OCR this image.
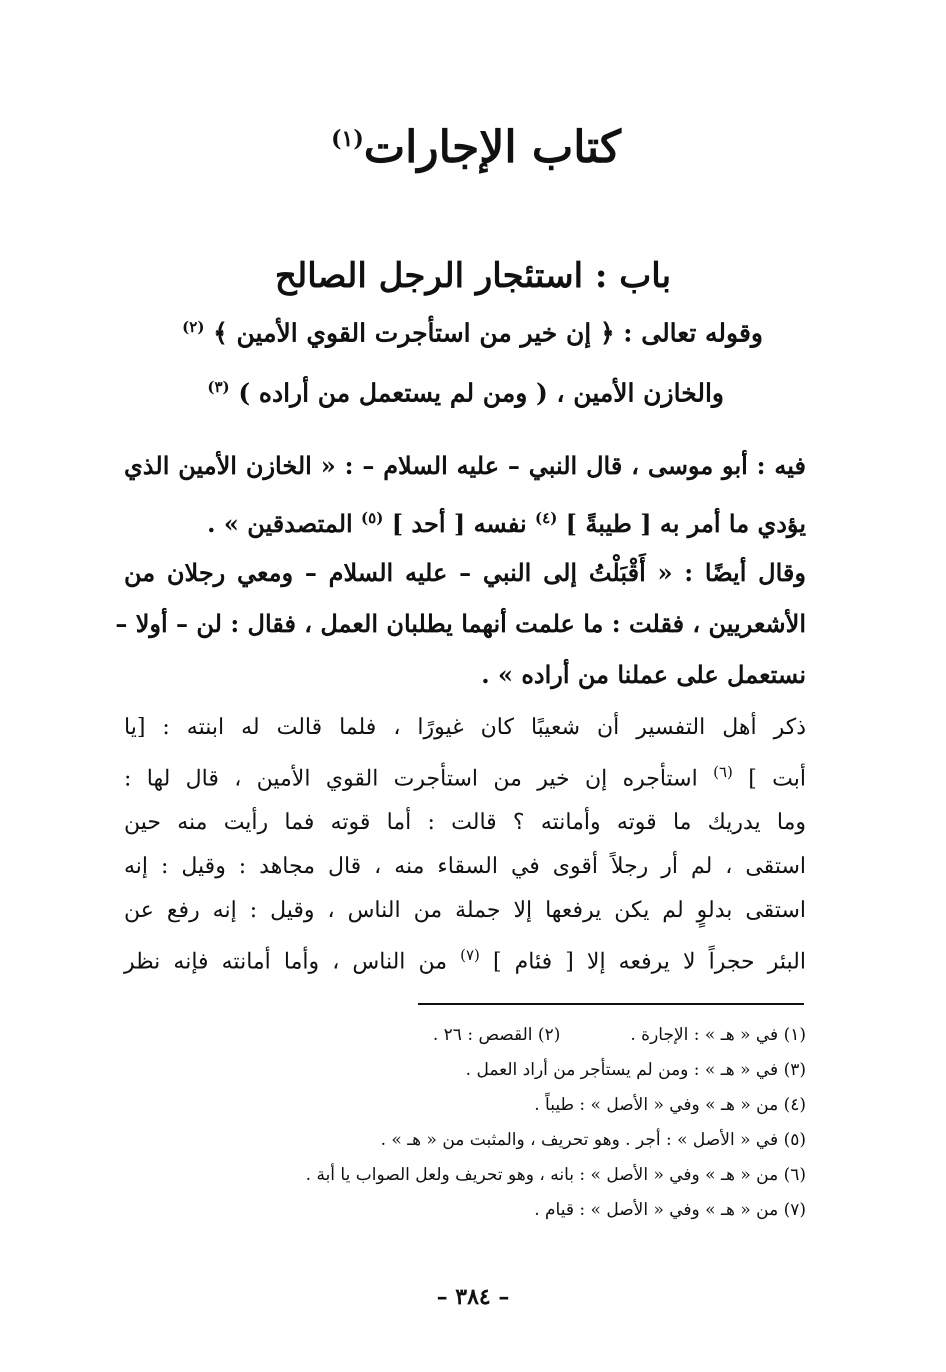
كتاب الإجارات$^{(١)}$
باب : استئجار الرجل الصالح
وقوله تعالى : ﴿ إن خير من استأجرت القوي الأمين ﴾ $^{(٢)}$
والخازن الأمين ، ( ومن لم يستعمل من أراده ) $^{(٣)}$
فيه : أبو موسى ، قال النبي – عليه السلام – : « الخازن الأمين الذي
يؤدي ما أمر به [ طيبةً ] $^{(٤)}$ نفسه [ أحد ] $^{(٥)}$ المتصدقين » .
وقال أيضًا : « أَقْبَلْتُ إلى النبي – عليه السلام – ومعي رجلان من
الأشعريين ، فقلت : ما علمت أنهما يطلبان العمل ، فقال : لن – أولا –
نستعمل على عملنا من أراده » .
ذكر أهل التفسير أن شعيبًا كان غيورًا ، فلما قالت له ابنته : [يا
أبت ] $^{(٦)}$ استأجره إن خير من استأجرت القوي الأمين ، قال لها :
وما يدريك ما قوته وأمانته ؟ قالت : أما قوته فما رأيت منه حين
استقى ، لم أر رجلاً أقوى في السقاء منه ، قال مجاهد : وقيل : إنه
استقى بدلوٍ لم يكن يرفعها إلا جملة من الناس ، وقيل : إنه رفع عن
البئر حجراً لا يرفعه إلا [ فئام ] $^{(٧)}$ من الناس ، وأما أمانته فإنه نظر
(١) في « هـ » : الإجارة .(٢) القصص : ٢٦ .
(٣) في « هـ » : ومن لم يستأجر من أراد العمل .
(٤) من « هـ » وفي « الأصل » : طيباً .
(٥) في « الأصل » : أجر . وهو تحريف ، والمثبت من « هـ » .
(٦) من « هـ » وفي « الأصل » : بانه ، وهو تحريف ولعل الصواب يا أبة .
(٧) من « هـ » وفي « الأصل » : قيام .
– ٣٨٤ –
